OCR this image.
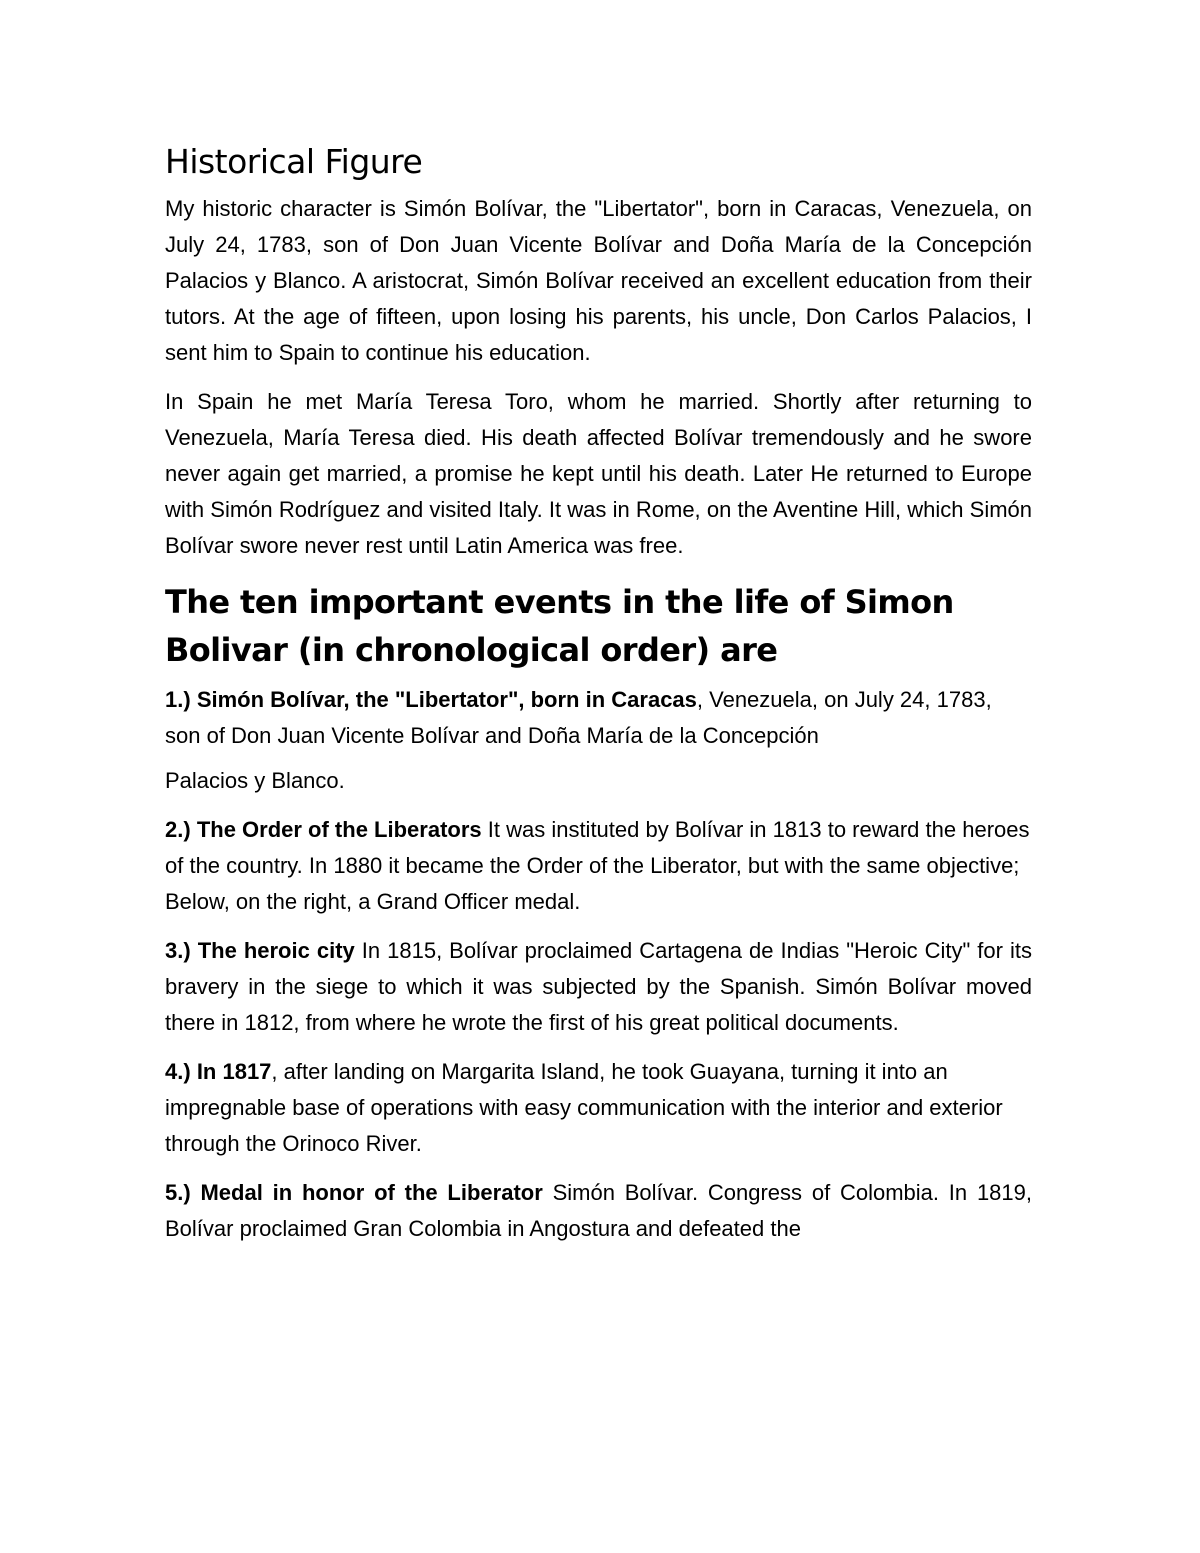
Historical Figure

My historic character is Simón Bolívar, the "Libertator", born in Caracas, Venezuela, on July 24, 1783, son of Don Juan Vicente Bolívar and Doña María de la Concepción Palacios y Blanco. A aristocrat, Simón Bolívar received an excellent education from their tutors. At the age of fifteen, upon losing his parents, his uncle, Don Carlos Palacios, I sent him to Spain to continue his education.

In Spain he met María Teresa Toro, whom he married. Shortly after returning to Venezuela, María Teresa died. His death affected Bolívar tremendously and he swore never again get married, a promise he kept until his death. Later He returned to Europe with Simón Rodríguez and visited Italy. It was in Rome, on the Aventine Hill, which Simón Bolívar swore never rest until Latin America was free.

The ten important events in the life of Simon Bolivar (in chronological order) are

1.) Simón Bolívar, the "Libertator", born in Caracas, Venezuela, on July 24, 1783, son of Don Juan Vicente Bolívar and Doña María de la Concepción
Palacios y Blanco.

2.) The Order of the Liberators It was instituted by Bolívar in 1813 to reward the heroes of the country. In 1880 it became the Order of the Liberator, but with the same objective; Below, on the right, a Grand Officer medal.

3.) The heroic city In 1815, Bolívar proclaimed Cartagena de Indias "Heroic City" for its bravery in the siege to which it was subjected by the Spanish. Simón Bolívar moved there in 1812, from where he wrote the first of his great political documents.

4.) In 1817, after landing on Margarita Island, he took Guayana, turning it into an impregnable base of operations with easy communication with the interior and exterior through the Orinoco River.

5.) Medal in honor of the Liberator Simón Bolívar. Congress of Colombia. In 1819, Bolívar proclaimed Gran Colombia in Angostura and defeated the
